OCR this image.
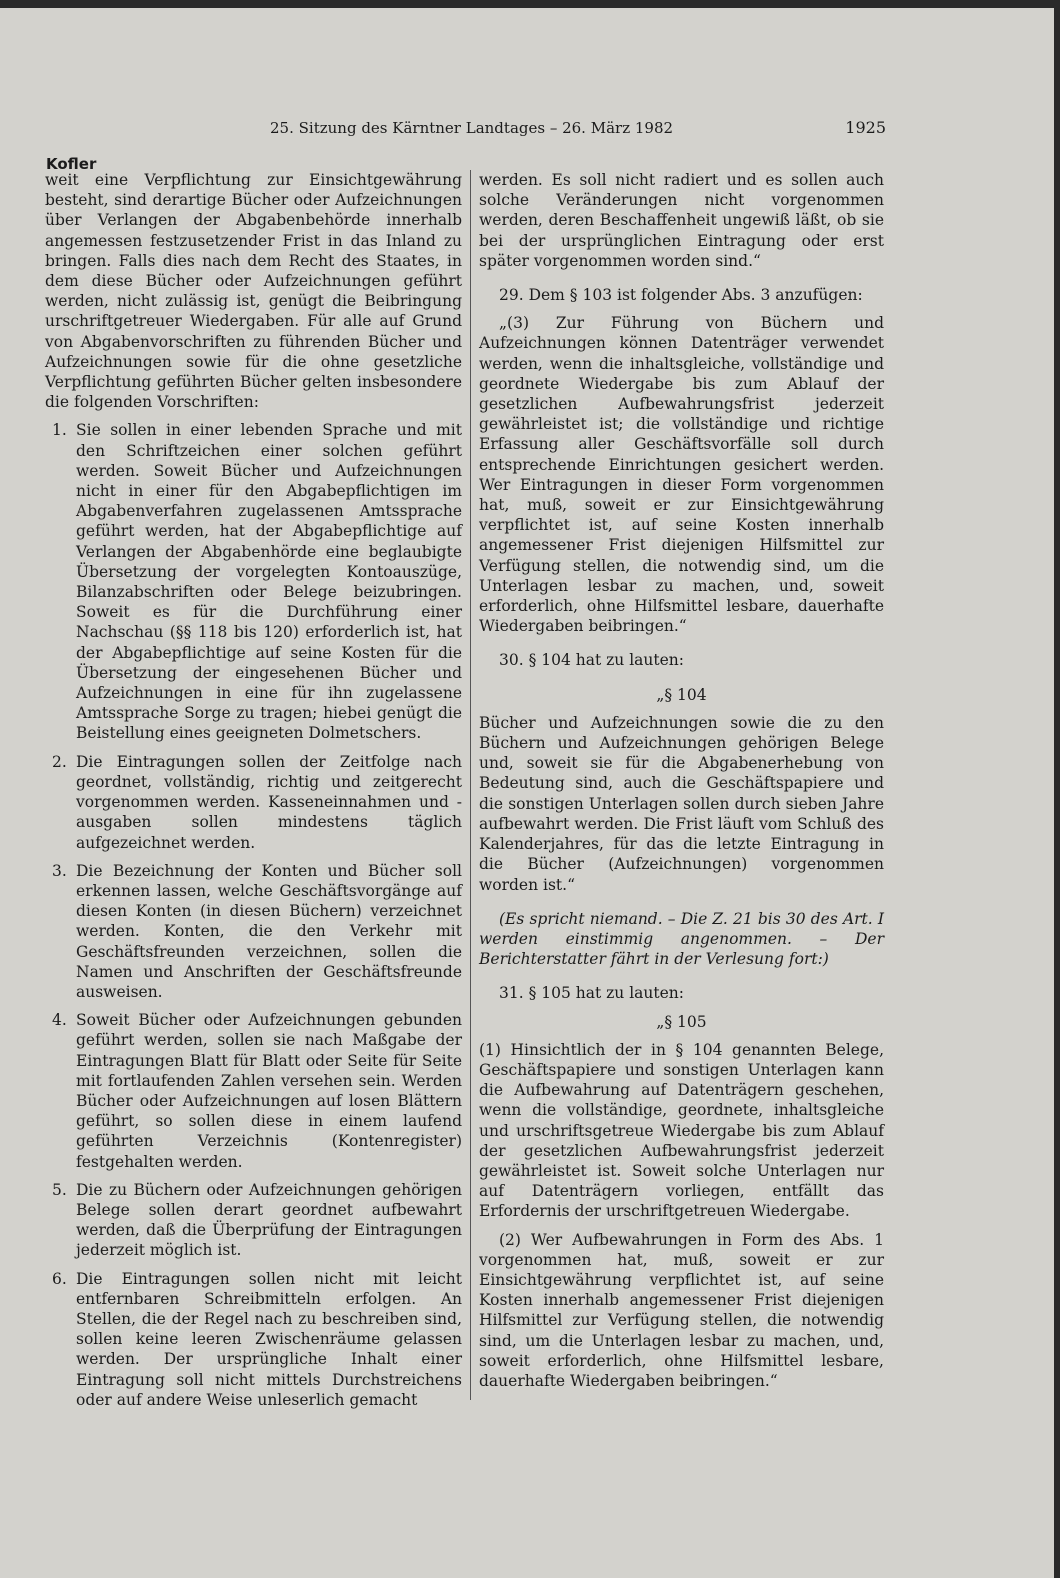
25. Sitzung des Kärntner Landtages – 26. März 1982	1925
Kofler

weit eine Verpflichtung zur Einsichtgewährung besteht, sind derartige Bücher oder Aufzeichnungen über Verlangen der Abgabenbehörde innerhalb angemessen festzusetzender Frist in das Inland zu bringen. Falls dies nach dem Recht des Staates, in dem diese Bücher oder Aufzeichnungen geführt werden, nicht zulässig ist, genügt die Beibringung urschriftgetreuer Wiedergaben. Für alle auf Grund von Abgabenvorschriften zu führenden Bücher und Aufzeichnungen sowie für die ohne gesetzliche Verpflichtung geführten Bücher gelten insbesondere die folgenden Vorschriften:

1. Sie sollen in einer lebenden Sprache und mit den Schriftzeichen einer solchen geführt werden. Soweit Bücher und Aufzeichnungen nicht in einer für den Abgabepflichtigen im Abgabenverfahren zugelassenen Amtssprache geführt werden, hat der Abgabepflichtige auf Verlangen der Abgabenhörde eine beglaubigte Übersetzung der vorgelegten Kontoauszüge, Bilanzabschriften oder Belege beizubringen. Soweit es für die Durchführung einer Nachschau (§§ 118 bis 120) erforderlich ist, hat der Abgabepflichtige auf seine Kosten für die Übersetzung der eingesehenen Bücher und Aufzeichnungen in eine für ihn zugelassene Amtssprache Sorge zu tragen; hiebei genügt die Beistellung eines geeigneten Dolmetschers.

2. Die Eintragungen sollen der Zeitfolge nach geordnet, vollständig, richtig und zeitgerecht vorgenommen werden. Kasseneinnahmen und -ausgaben sollen mindestens täglich aufgezeichnet werden.

3. Die Bezeichnung der Konten und Bücher soll erkennen lassen, welche Geschäftsvorgänge auf diesen Konten (in diesen Büchern) verzeichnet werden. Konten, die den Verkehr mit Geschäftsfreunden verzeichnen, sollen die Namen und Anschriften der Geschäftsfreunde ausweisen.

4. Soweit Bücher oder Aufzeichnungen gebunden geführt werden, sollen sie nach Maßgabe der Eintragungen Blatt für Blatt oder Seite für Seite mit fortlaufenden Zahlen versehen sein. Werden Bücher oder Aufzeichnungen auf losen Blättern geführt, so sollen diese in einem laufend geführten Verzeichnis (Kontenregister) festgehalten werden.

5. Die zu Büchern oder Aufzeichnungen gehörigen Belege sollen derart geordnet aufbewahrt werden, daß die Überprüfung der Eintragungen jederzeit möglich ist.

6. Die Eintragungen sollen nicht mit leicht entfernbaren Schreibmitteln erfolgen. An Stellen, die der Regel nach zu beschreiben sind, sollen keine leeren Zwischenräume gelassen werden. Der ursprüngliche Inhalt einer Eintragung soll nicht mittels Durchstreichens oder auf andere Weise unleserlich gemacht

werden. Es soll nicht radiert und es sollen auch solche Veränderungen nicht vorgenommen werden, deren Beschaffenheit ungewiß läßt, ob sie bei der ursprünglichen Eintragung oder erst später vorgenommen worden sind.“

29. Dem § 103 ist folgender Abs. 3 anzufügen:

„(3) Zur Führung von Büchern und Aufzeichnungen können Datenträger verwendet werden, wenn die inhaltsgleiche, vollständige und geordnete Wiedergabe bis zum Ablauf der gesetzlichen Aufbewahrungsfrist jederzeit gewährleistet ist; die vollständige und richtige Erfassung aller Geschäftsvorfälle soll durch entsprechende Einrichtungen gesichert werden. Wer Eintragungen in dieser Form vorgenommen hat, muß, soweit er zur Einsichtgewährung verpflichtet ist, auf seine Kosten innerhalb angemessener Frist diejenigen Hilfsmittel zur Verfügung stellen, die notwendig sind, um die Unterlagen lesbar zu machen, und, soweit erforderlich, ohne Hilfsmittel lesbare, dauerhafte Wiedergaben beibringen.“

30. § 104 hat zu lauten:

„§ 104

Bücher und Aufzeichnungen sowie die zu den Büchern und Aufzeichnungen gehörigen Belege und, soweit sie für die Abgabenerhebung von Bedeutung sind, auch die Geschäftspapiere und die sonstigen Unterlagen sollen durch sieben Jahre aufbewahrt werden. Die Frist läuft vom Schluß des Kalenderjahres, für das die letzte Eintragung in die Bücher (Aufzeichnungen) vorgenommen worden ist.“

(Es spricht niemand. – Die Z. 21 bis 30 des Art. I werden einstimmig angenommen. – Der Berichterstatter fährt in der Verlesung fort:)

31. § 105 hat zu lauten:

„§ 105

(1) Hinsichtlich der in § 104 genannten Belege, Geschäftspapiere und sonstigen Unterlagen kann die Aufbewahrung auf Datenträgern geschehen, wenn die vollständige, geordnete, inhaltsgleiche und urschriftsgetreue Wiedergabe bis zum Ablauf der gesetzlichen Aufbewahrungsfrist jederzeit gewährleistet ist. Soweit solche Unterlagen nur auf Datenträgern vorliegen, entfällt das Erfordernis der urschriftgetreuen Wiedergabe.

(2) Wer Aufbewahrungen in Form des Abs. 1 vorgenommen hat, muß, soweit er zur Einsichtgewährung verpflichtet ist, auf seine Kosten innerhalb angemessener Frist diejenigen Hilfsmittel zur Verfügung stellen, die notwendig sind, um die Unterlagen lesbar zu machen, und, soweit erforderlich, ohne Hilfsmittel lesbare, dauerhafte Wiedergaben beibringen.“
